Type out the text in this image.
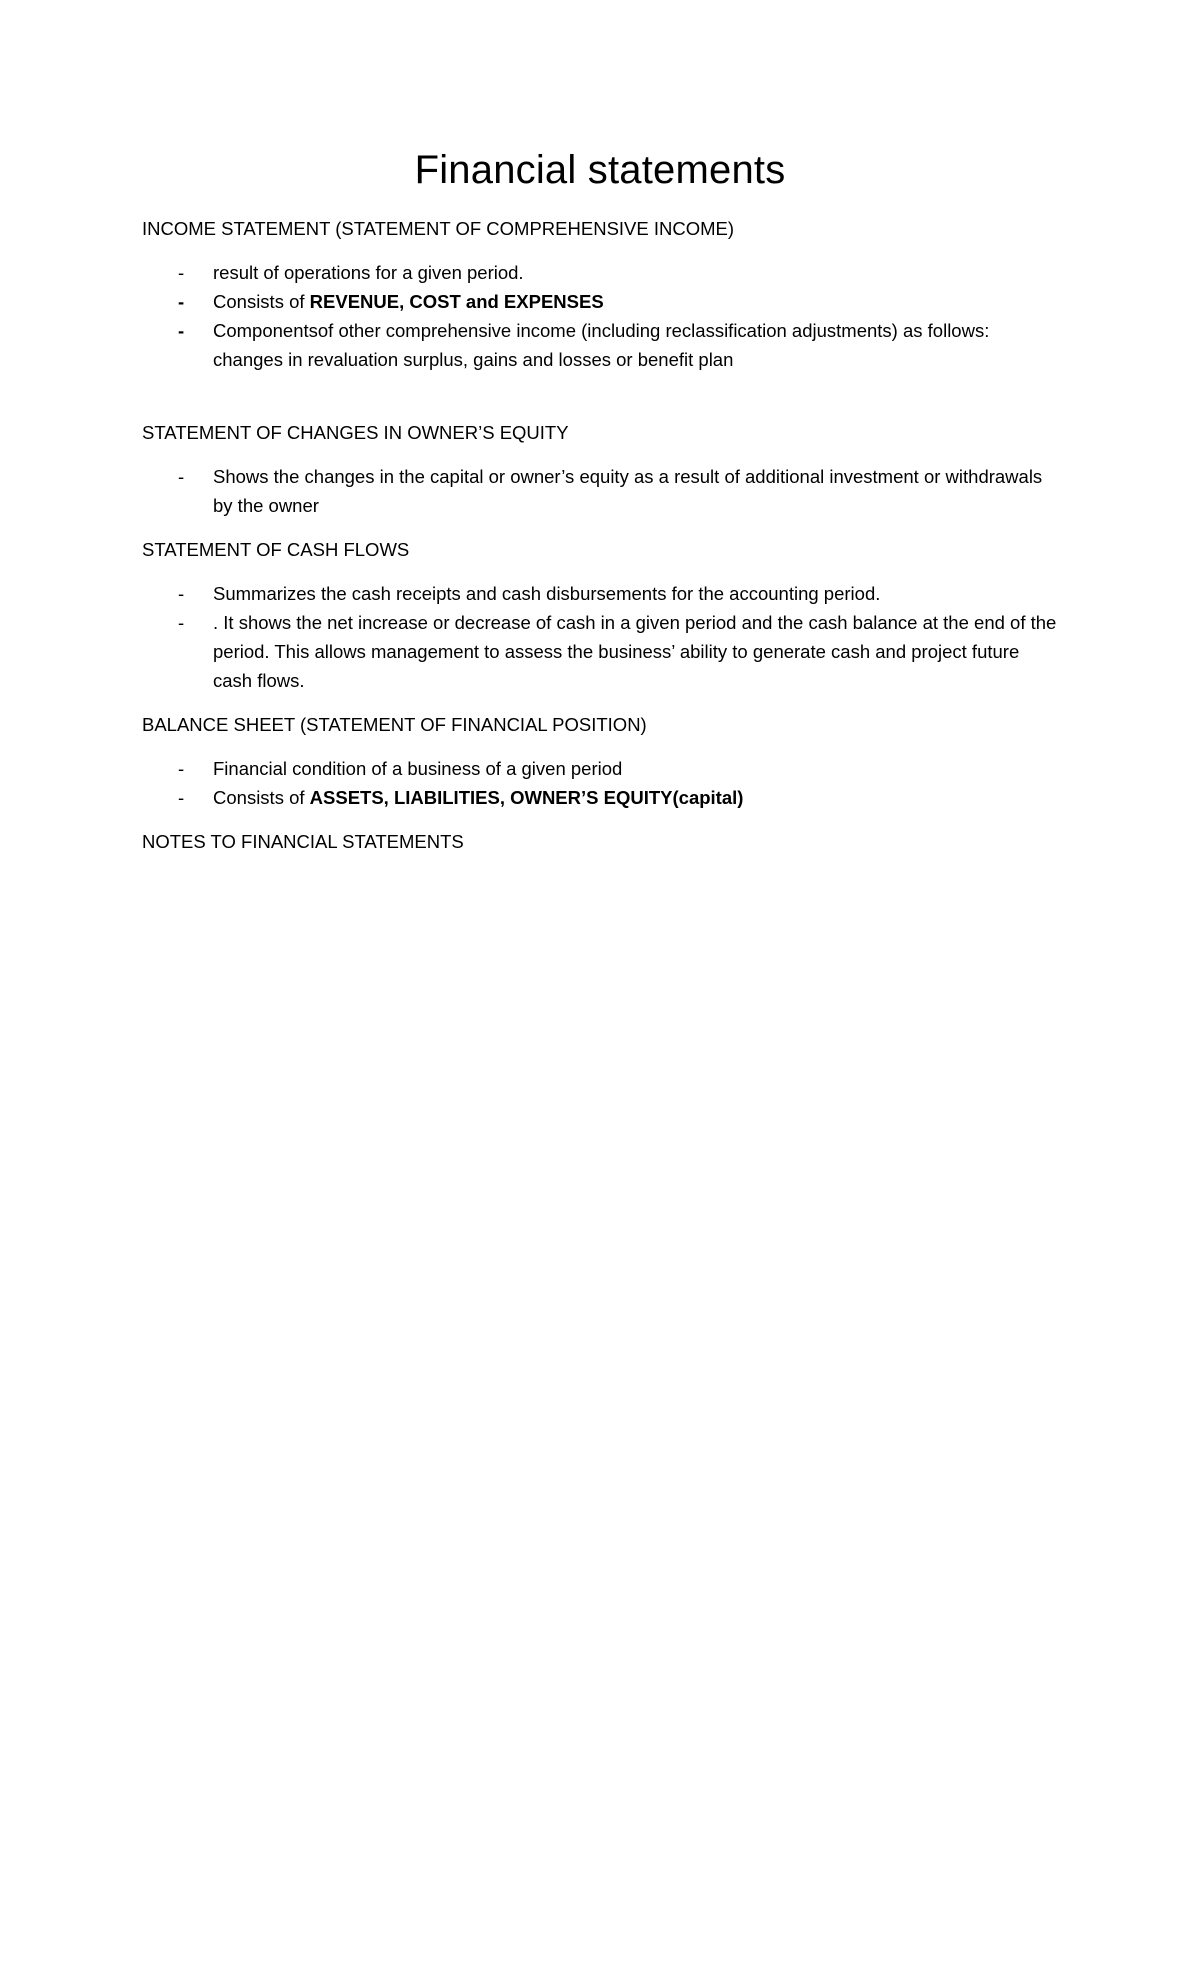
Financial statements

INCOME STATEMENT (STATEMENT OF COMPREHENSIVE INCOME)

- result of operations for a given period.
- Consists of REVENUE, COST and EXPENSES
- Componentsof other comprehensive income (including reclassification adjustments) as follows: changes in revaluation surplus, gains and losses or benefit plan

STATEMENT OF CHANGES IN OWNER’S EQUITY

- Shows the changes in the capital or owner’s equity as a result of additional investment or withdrawals by the owner

STATEMENT OF CASH FLOWS

- Summarizes the cash receipts and cash disbursements for the accounting period.
- . It shows the net increase or decrease of cash in a given period and the cash balance at the end of the period. This allows management to assess the business’ ability to generate cash and project future cash flows.

BALANCE SHEET (STATEMENT OF FINANCIAL POSITION)

- Financial condition of a business of a given period
- Consists of ASSETS, LIABILITIES, OWNER’S EQUITY(capital)

NOTES TO FINANCIAL STATEMENTS
